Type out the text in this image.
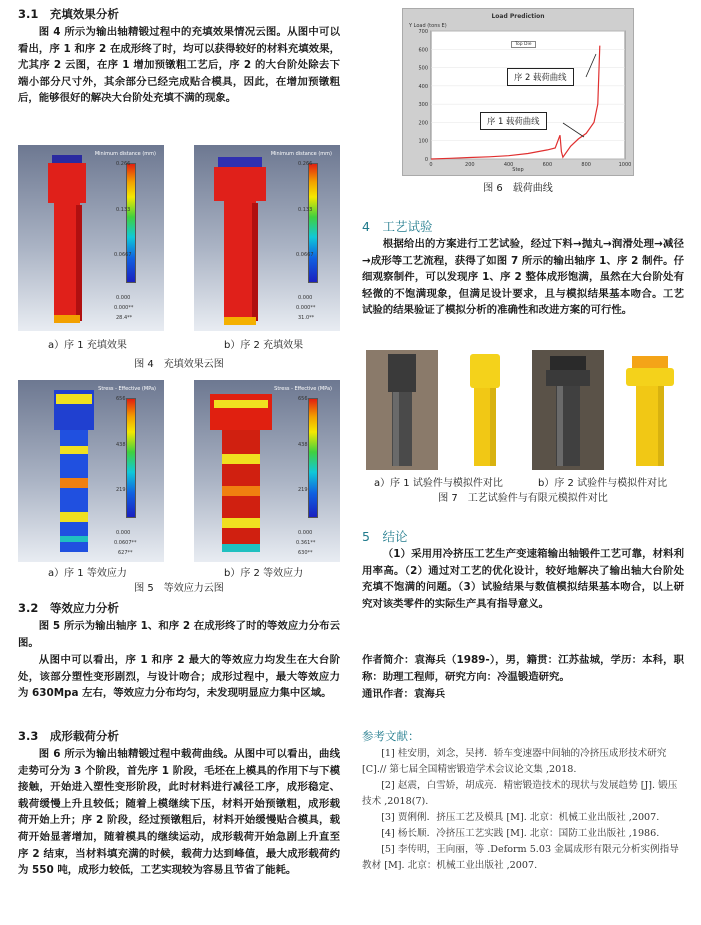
3.1　充填效果分析
图 4 所示为输出轴精锻过程中的充填效果情况云图。从图中可以看出，序 1 和序 2 在成形终了时，均可以获得较好的材料充填效果，尤其序 2 云图，在序 1 增加预镦粗工艺后，序 2 的大台阶处除去下端小部分尺寸外，其余部分已经完成贴合模具，因此，在增加预镦粗后，能够很好的解决大台阶处充填不满的现象。
Minimum distance (mm)
0.266
0.133
0.0667
0.000
0.000**
28.4**
Minimum distance (mm)
0.266
0.133
0.0667
0.000
0.000**
31.0**
a）序 1 充填效果	b）序 2 充填效果
图 4　充填效果云图
Stress - Effective (MPa)
656
438
219
0.000
0.0607**
627**
Stress - Effective (MPa)
656
438
219
0.000
0.361**
630**
a）序 1 等效应力	b）序 2 等效应力
图 5　等效应力云图
3.2　等效应力分析
图 5 所示为输出轴序 1、和序 2 在成形终了时的等效应力分布云图。
从图中可以看出，序 1 和序 2 最大的等效应力均发生在大台阶处，该部分塑性变形剧烈，与设计吻合；成形过程中，最大等效应力为 630Mpa 左右，等效应力分布均匀，未发现明显应力集中区域。
3.3　成形载荷分析
图 6 所示为输出轴精锻过程中载荷曲线。从图中可以看出，曲线走势可分为 3 个阶段，首先序 1 阶段，毛坯在上模具的作用下与下模接触，开始进入塑性变形阶段，此时材料进行减径工序，成形稳定、载荷缓慢上升且较低；随着上模继续下压，材料开始预镦粗，成形载荷开始上升；序 2 阶段，经过预镦粗后，材料开始缓慢贴合模具，载荷开始显著增加，随着模具的继续运动，成形载荷开始急剧上升直至序 2 结束，当材料填充满的时候，载荷力达到峰值，最大成形载荷约为 550 吨，成形力较低，工艺实现较为容易且节省了能耗。
Load Prediction
Y Load (tons E)
Step
700
600
500
400
300
200
100
0
0	200	400	600	800	1000
Top Die
序 2 载荷曲线
序 1 载荷曲线
图 6　载荷曲线
4　工艺试验
根据给出的方案进行工艺试验，经过下料→抛丸→润滑处理→减径→成形等工艺流程，获得了如图 7 所示的输出轴序 1、序 2 制件。仔细观察制件，可以发现序 1、序 2 整体成形饱满，虽然在大台阶处有轻微的不饱满现象，但满足设计要求，且与模拟结果基本吻合。工艺试验的结果验证了模拟分析的准确性和改进方案的可行性。
a）序 1 试验件与模拟件对比	b）序 2 试验件与模拟件对比
图 7　工艺试验件与有限元模拟件对比
5　结论
（1）采用用冷挤压工艺生产变速箱输出轴锻件工艺可靠，材料利用率高。（2）通过对工艺的优化设计，较好地解决了输出轴大台阶处充填不饱满的问题。（3）试验结果与数值模拟结果基本吻合，以上研究对该类零件的实际生产具有指导意义。
作者简介：袁海兵（1989-），男，籍贯：江苏盐城，学历：本科，职称：助理工程师，研究方向：冷温锻造研究。
通讯作者：袁海兵
参考文献：

[1] 桂安朋，刘念，吴拷．轿车变速器中间轴的冷挤压成形技术研究 [C].// 第七届全国精密锻造学术会议论文集 ,2018.

[2] 赵震，白雪娇，胡成亮．精密锻造技术的现状与发展趋势 [J]. 锻压技术 ,2018(7).

[3] 贾俐俐．挤压工艺及模具 [M]. 北京：机械工业出版社 ,2007.

[4] 杨长顺．冷挤压工艺实践 [M]. 北京：国防工业出版社 ,1986.

[5] 李传明，王向丽，等 .Deform 5.03 金属成形有限元分析实例指导教材 [M]. 北京：机械工业出版社 ,2007.
